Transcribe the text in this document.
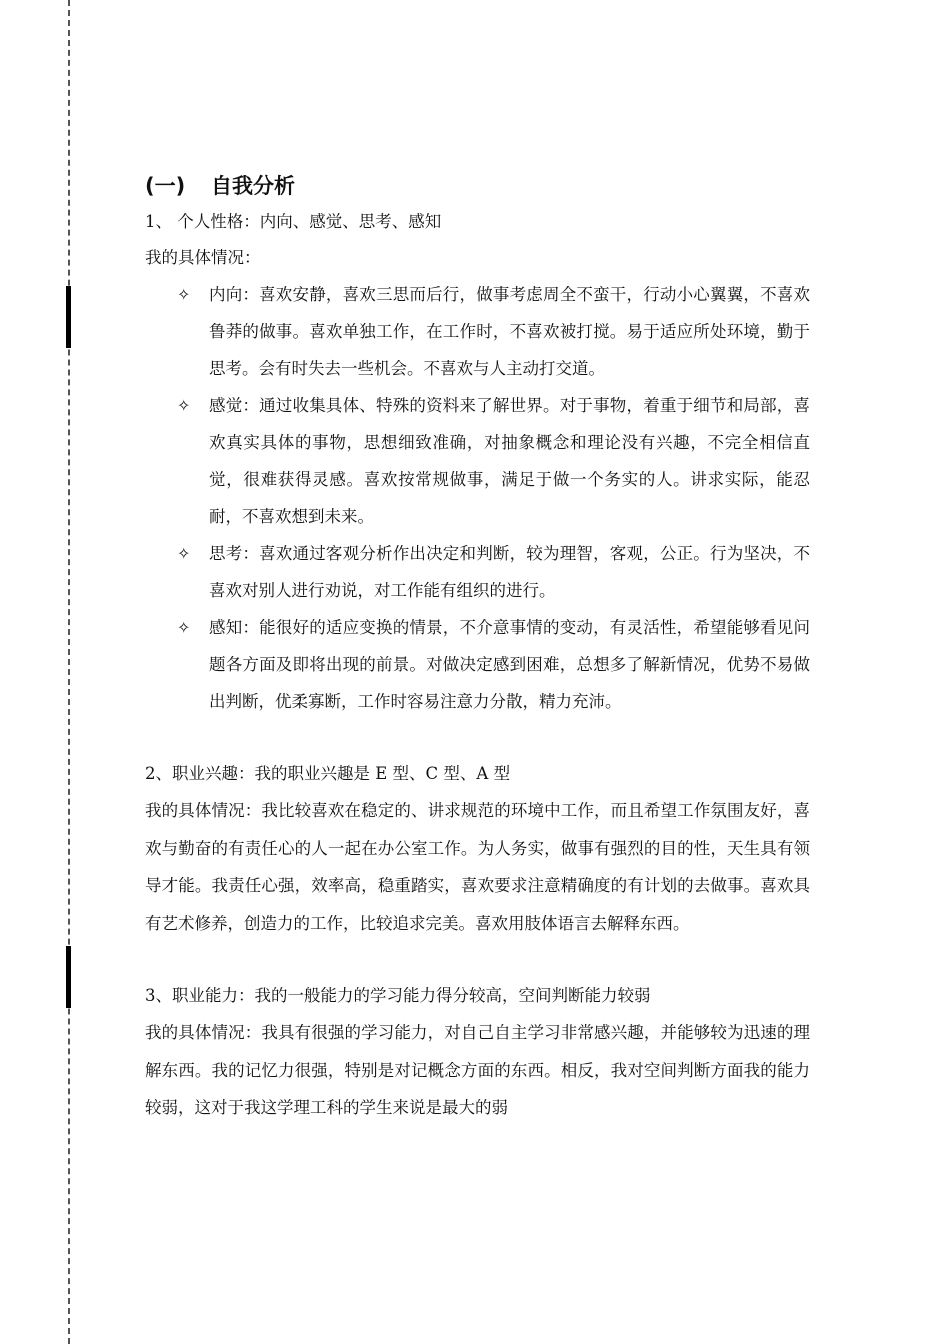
(一) 自我分析
1、 个人性格：内向、感觉、思考、感知
我的具体情况：
✧ 内向：喜欢安静，喜欢三思而后行，做事考虑周全不蛮干，行动小心翼翼，不喜欢鲁莽的做事。喜欢单独工作，在工作时，不喜欢被打搅。易于适应所处环境，勤于思考。会有时失去一些机会。不喜欢与人主动打交道。
✧ 感觉：通过收集具体、特殊的资料来了解世界。对于事物，着重于细节和局部，喜欢真实具体的事物，思想细致准确，对抽象概念和理论没有兴趣，不完全相信直觉，很难获得灵感。喜欢按常规做事，满足于做一个务实的人。讲求实际，能忍耐，不喜欢想到未来。
✧ 思考：喜欢通过客观分析作出决定和判断，较为理智，客观，公正。行为坚决，不喜欢对别人进行劝说，对工作能有组织的进行。
✧ 感知：能很好的适应变换的情景，不介意事情的变动，有灵活性，希望能够看见问题各方面及即将出现的前景。对做决定感到困难，总想多了解新情况，优势不易做出判断，优柔寡断，工作时容易注意力分散，精力充沛。
2、职业兴趣：我的职业兴趣是 E 型、C 型、A 型
我的具体情况：我比较喜欢在稳定的、讲求规范的环境中工作，而且希望工作氛围友好，喜欢与勤奋的有责任心的人一起在办公室工作。为人务实，做事有强烈的目的性，天生具有领导才能。我责任心强，效率高，稳重踏实，喜欢要求注意精确度的有计划的去做事。喜欢具有艺术修养，创造力的工作，比较追求完美。喜欢用肢体语言去解释东西。
3、职业能力：我的一般能力的学习能力得分较高，空间判断能力较弱
我的具体情况：我具有很强的学习能力，对自己自主学习非常感兴趣，并能够较为迅速的理解东西。我的记忆力很强，特别是对记概念方面的东西。相反，我对空间判断方面我的能力较弱，这对于我这学理工科的学生来说是最大的弱
